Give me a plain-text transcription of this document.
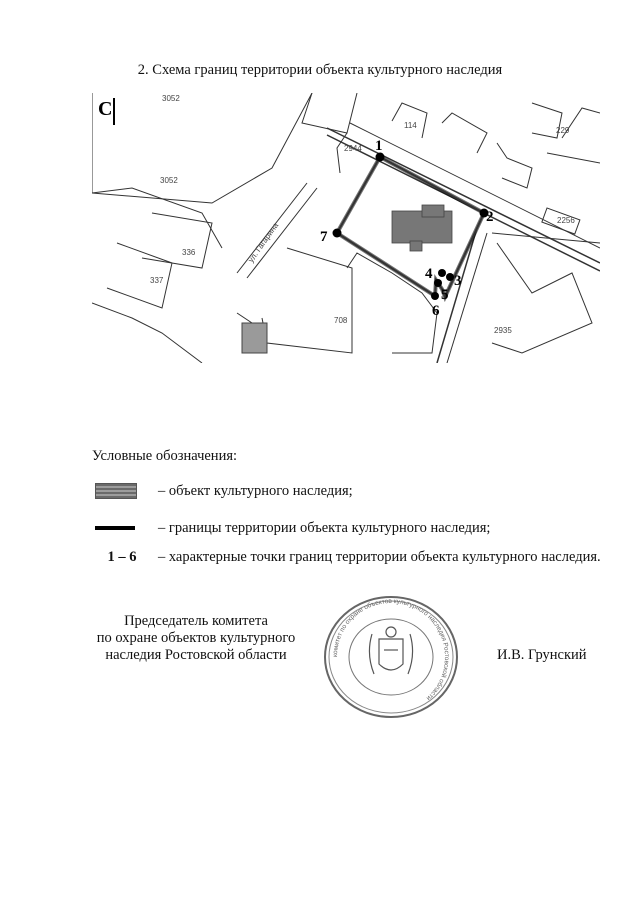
2. Схема границ территории объекта культурного наследия
1
2
3
4
5
6
7
С	3052
3052
114
229
2944
336
337
708
2935
2256
ул. Гагарина
Условные обозначения:
– объект культурного наследия;
– границы территории объекта культурного наследия;
1 – 6	– характерные точки границ территории объекта культурного наследия.
Председатель комитета
по охране объектов культурного
наследия Ростовской области	комитет по охране объектов культурного наследия Ростовской области
И.В. Грунский
